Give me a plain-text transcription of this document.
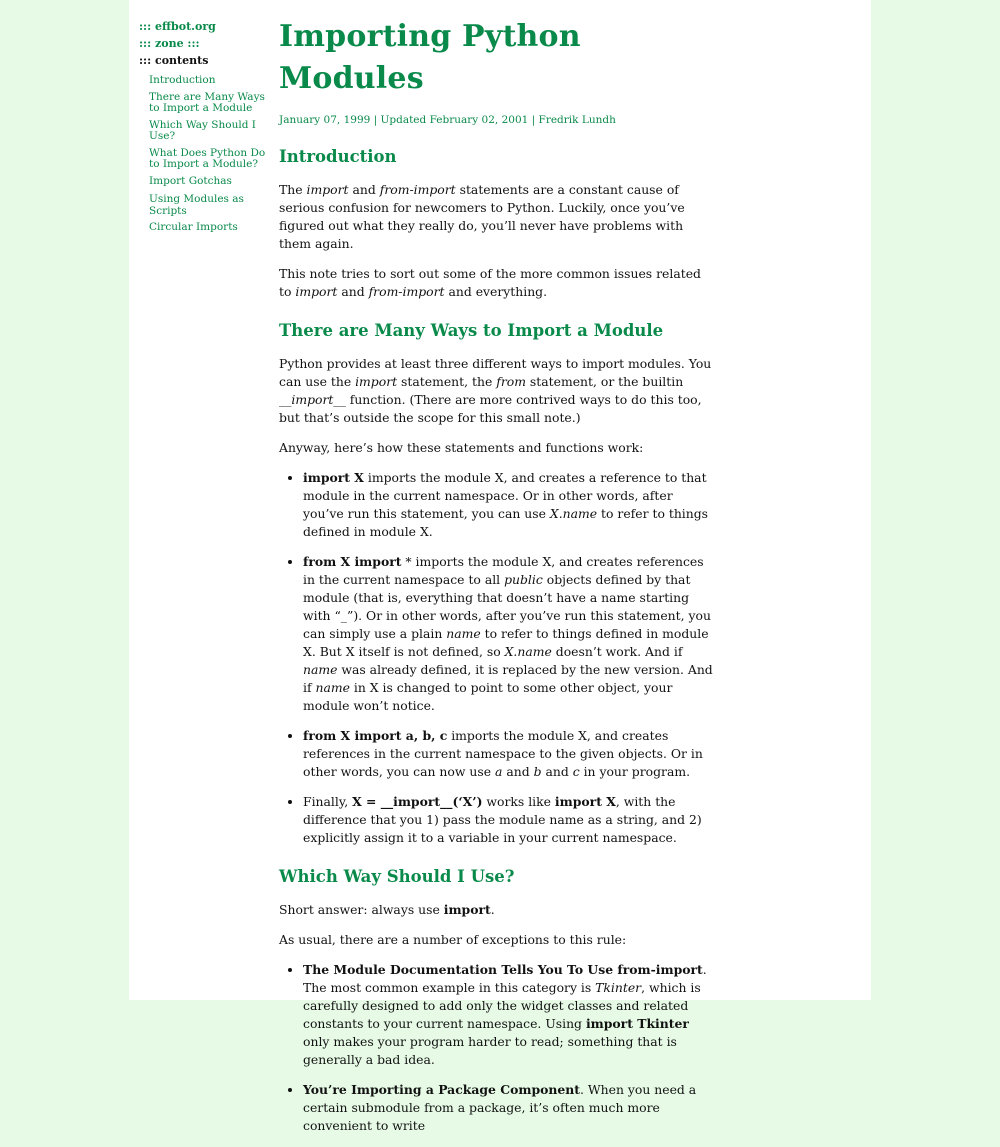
::: effbot.org
::: zone :::
::: contents
Introduction
There are Many Ways to Import a Module
Which Way Should I Use?
What Does Python Do to Import a Module?
Import Gotchas
Using Modules as Scripts
Circular Imports
Importing Python Modules
January 07, 1999 | Updated February 02, 2001 | Fredrik Lundh
Introduction

The import and from-import statements are a constant cause of serious confusion for newcomers to Python. Luckily, once you’ve figured out what they really do, you’ll never have problems with them again.

This note tries to sort out some of the more common issues related to import and from-import and everything.

There are Many Ways to Import a Module

Python provides at least three different ways to import modules. You can use the import statement, the from statement, or the builtin __import__ function. (There are more contrived ways to do this too, but that’s outside the scope for this small note.)

Anyway, here’s how these statements and functions work:

• import X imports the module X, and creates a reference to that module in the current namespace. Or in other words, after you’ve run this statement, you can use X.name to refer to things defined in module X.
• from X import * imports the module X, and creates references in the current namespace to all public objects defined by that module (that is, everything that doesn’t have a name starting with “_”). Or in other words, after you’ve run this statement, you can simply use a plain name to refer to things defined in module X. But X itself is not defined, so X.name doesn’t work. And if name was already defined, it is replaced by the new version. And if name in X is changed to point to some other object, your module won’t notice.
• from X import a, b, c imports the module X, and creates references in the current namespace to the given objects. Or in other words, you can now use a and b and c in your program.
• Finally, X = __import__(‘X’) works like import X, with the difference that you 1) pass the module name as a string, and 2) explicitly assign it to a variable in your current namespace.
Which Way Should I Use?

Short answer: always use import.

As usual, there are a number of exceptions to this rule:

• The Module Documentation Tells You To Use from-import. The most common example in this category is Tkinter, which is carefully designed to add only the widget classes and related constants to your current namespace. Using import Tkinter only makes your program harder to read; something that is generally a bad idea.
• You’re Importing a Package Component. When you need a certain submodule from a package, it’s often much more convenient to write
